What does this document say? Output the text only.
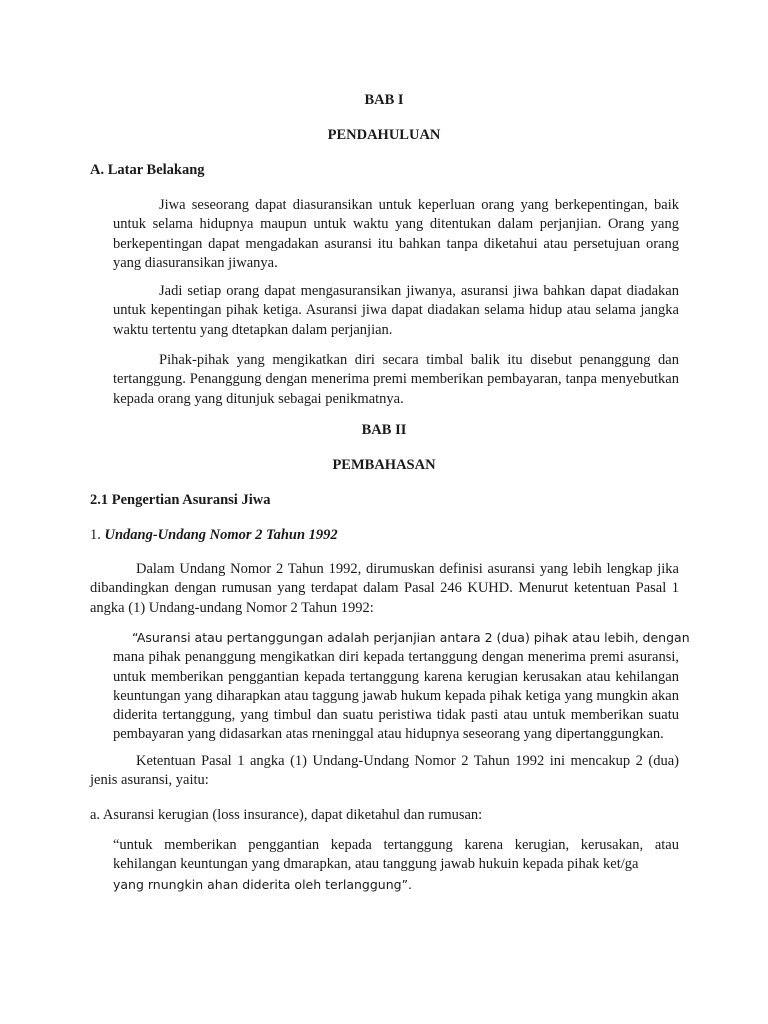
BAB I

PENDAHULUAN

A. Latar Belakang

Jiwa seseorang dapat diasuransikan untuk keperluan orang yang berkepentingan, baik untuk selama hidupnya maupun untuk waktu yang ditentukan dalam perjanjian. Orang yang berkepentingan dapat mengadakan asuransi itu bahkan tanpa diketahui atau persetujuan orang yang diasuransikan jiwanya.

Jadi setiap orang dapat mengasuransikan jiwanya, asuransi jiwa bahkan dapat diadakan untuk kepentingan pihak ketiga. Asuransi jiwa dapat diadakan selama hidup atau selama jangka waktu tertentu yang dtetapkan dalam perjanjian.

Pihak-pihak yang mengikatkan diri secara timbal balik itu disebut penanggung dan tertanggung. Penanggung dengan menerima premi memberikan pembayaran, tanpa menyebutkan kepada orang yang ditunjuk sebagai penikmatnya.

BAB II

PEMBAHASAN

2.1 Pengertian Asuransi Jiwa

1. Undang-Undang Nomor 2 Tahun 1992

Dalam Undang Nomor 2 Tahun 1992, dirumuskan definisi asuransi yang lebih lengkap jika dibandingkan dengan rumusan yang terdapat dalam Pasal 246 KUHD. Menurut ketentuan Pasal 1 angka (1) Undang-undang Nomor 2 Tahun 1992:

“Asuransi atau pertanggungan adalah perjanjian antara 2 (dua) pihak atau lebih, dengan
mana pihak penanggung mengikatkan diri kepada tertanggung dengan menerima premi asuransi, untuk memberikan penggantian kepada tertanggung karena kerugian kerusakan atau kehilangan keuntungan yang diharapkan atau taggung jawab hukum kepada pihak ketiga yang mungkin akan diderita tertanggung, yang timbul dan suatu peristiwa tidak pasti atau untuk memberikan suatu pembayaran yang didasarkan atas rneninggal atau hidupnya seseorang yang dipertanggungkan.

Ketentuan Pasal 1 angka (1) Undang-Undang Nomor 2 Tahun 1992 ini mencakup 2 (dua) jenis asuransi, yaitu:

a. Asuransi kerugian (loss insurance), dapat diketahul dan rumusan:

“untuk memberikan penggantian kepada tertanggung karena kerugian, kerusakan, atau kehilangan keuntungan yang dmarapkan, atau tanggung jawab hukuin kepada pihak ket/ga
yang rnungkin ahan diderita oleh terlanggung”.
